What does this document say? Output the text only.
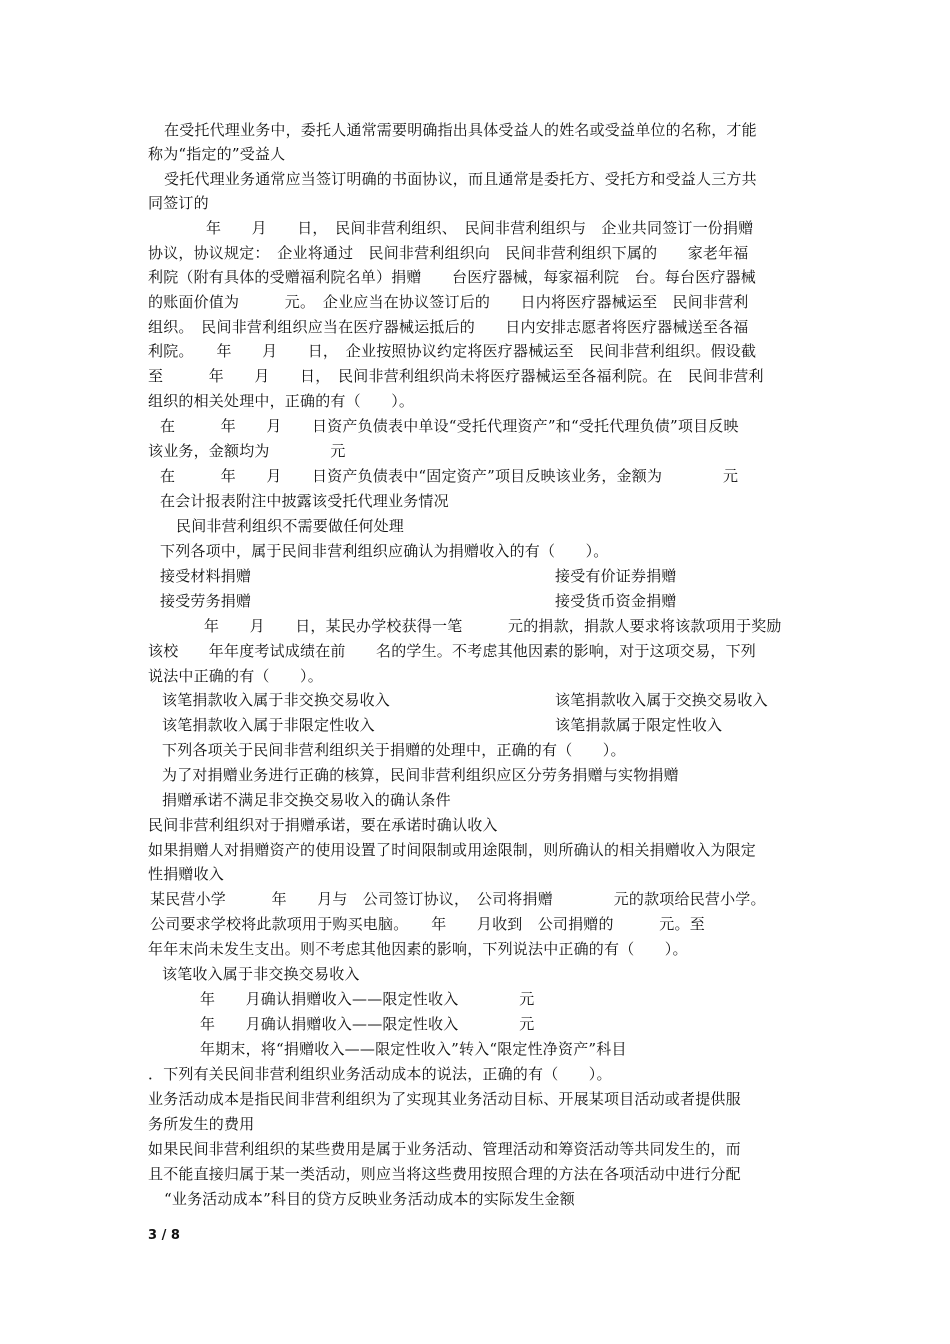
在受托代理业务中，委托人通常需要明确指出具体受益人的姓名或受益单位的名称，才能
称为“指定的”受益人
受托代理业务通常应当签订明确的书面协议，而且通常是委托方、受托方和受益人三方共
同签订的
年　　月　　日，　民间非营利组织、　民间非营利组织与　企业共同签订一份捐赠
协议，协议规定：　企业将通过　民间非营利组织向　民间非营利组织下属的　　家老年福
利院（附有具体的受赠福利院名单）捐赠　　台医疗器械，每家福利院　台。每台医疗器械
的账面价值为　　　元。　企业应当在协议签订后的　　日内将医疗器械运至　民间非营利
组织。　民间非营利组织应当在医疗器械运抵后的　　日内安排志愿者将医疗器械送至各福
利院。　　年　　月　　日，　企业按照协议约定将医疗器械运至　民间非营利组织。假设截
至　　　年　　月　　日，　民间非营利组织尚未将医疗器械运至各福利院。在　民间非营利
组织的相关处理中，正确的有（　　）。
在　　　年　　月　　日资产负债表中单设“受托代理资产”和“受托代理负债”项目反映
该业务，金额均为　　　　元
在　　　年　　月　　日资产负债表中“固定资产”项目反映该业务，金额为　　　　元
在会计报表附注中披露该受托代理业务情况
民间非营利组织不需要做任何处理
下列各项中，属于民间非营利组织应确认为捐赠收入的有（　　）。
接受材料捐赠	接受有价证券捐赠
接受劳务捐赠	接受货币资金捐赠
年　　月　　日，某民办学校获得一笔　　　元的捐款，捐款人要求将该款项用于奖励
该校　　年年度考试成绩在前　　名的学生。不考虑其他因素的影响，对于这项交易，下列
说法中正确的有（　　）。
该笔捐款收入属于非交换交易收入	该笔捐款收入属于交换交易收入
该笔捐款收入属于非限定性收入	该笔捐款属于限定性收入
下列各项关于民间非营利组织关于捐赠的处理中，正确的有（　　）。
为了对捐赠业务进行正确的核算，民间非营利组织应区分劳务捐赠与实物捐赠
捐赠承诺不满足非交换交易收入的确认条件
民间非营利组织对于捐赠承诺，要在承诺时确认收入
如果捐赠人对捐赠资产的使用设置了时间限制或用途限制，则所确认的相关捐赠收入为限定
性捐赠收入
某民营小学　　　年　　月与　公司签订协议，　公司将捐赠　　　　元的款项给民营小学。
公司要求学校将此款项用于购买电脑。　　年　　月收到　公司捐赠的　　　元。至
年年末尚未发生支出。则不考虑其他因素的影响，下列说法中正确的有（　　）。
该笔收入属于非交换交易收入
年　　月确认捐赠收入——限定性收入　　　　元
年　　月确认捐赠收入——限定性收入　　　　元
年期末，将“捐赠收入——限定性收入”转入“限定性净资产”科目
．下列有关民间非营利组织业务活动成本的说法，正确的有（　　）。
业务活动成本是指民间非营利组织为了实现其业务活动目标、开展某项目活动或者提供服
务所发生的费用
如果民间非营利组织的某些费用是属于业务活动、管理活动和筹资活动等共同发生的，而
且不能直接归属于某一类活动，则应当将这些费用按照合理的方法在各项活动中进行分配
“业务活动成本”科目的贷方反映业务活动成本的实际发生金额
3 / 8
